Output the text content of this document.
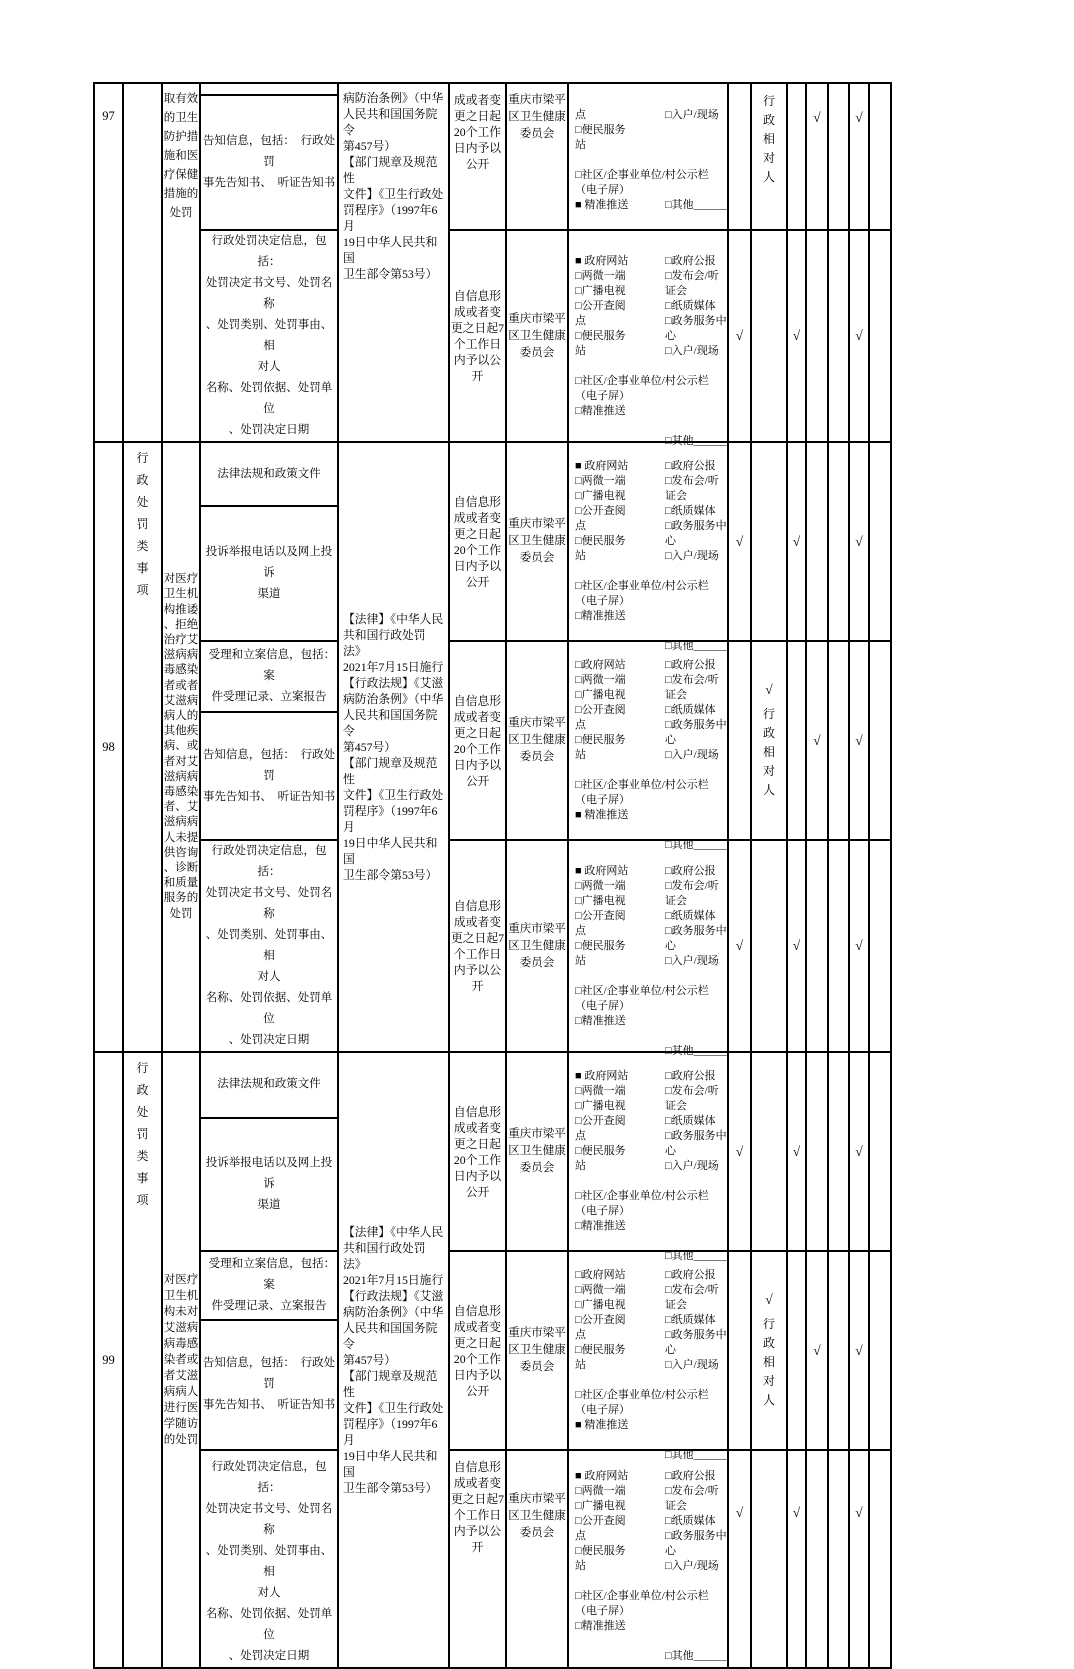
97		取有效
的卫生
防护措
施和医
疗保健
措施的
处罚		病防治条例》（中华
人民共和国国务院令
第457号）
【部门规章及规范性
文件】《卫生行政处
罚程序》（1997年6月
19日中华人民共和国
卫生部令第53号）	成或者变
更之日起
20个工作
日内予以
公开	重庆市梁平
区卫生健康
委员会	

点
□便民服务
站

□社区/企事业单位/村公示栏
（电子屏）
■ 精准推送
□入户/现场

□其他______

行
政
相
对
人
		√		√	
			告知信息，包括：　行政处罚
事先告知书、　听证告知书											
行政处罚决定信息，包括：
处罚决定书文号、处罚名称
、处罚类别、处罚事由、相
对人
名称、处罚依据、处罚单位
、处罚决定日期	自信息形
成或者变
更之日起7
个工作日
内予以公
开	重庆市梁平
区卫生健康
委员会	

■ 政府网站
□两微一端
□广播电视
□公开查阅
点
□便民服务
站

□社区/企事业单位/村公示栏
（电子屏）
□精准推送
□政府公报
□发布会/听证会
□纸质媒体
□政务服务中心
□入户/现场

□其他______

	√		√			√	
98	行
政
处
罚
类
事
项	对医疗
卫生机
构推诿
、拒绝
治疗艾
滋病病
毒感染
者或者
艾滋病
病人的
其他疾
病、或
者对艾
滋病病
毒感染
者、艾
滋病病
人未提
供咨询
、诊断
和质量
服务的
处罚	法律法规和政策文件	【法律】《中华人民
共和国行政处罚法》
2021年7月15日施行
【行政法规】《艾滋
病防治条例》（中华
人民共和国国务院令
第457号）
【部门规章及规范性
文件】《卫生行政处
罚程序》（1997年6月
19日中华人民共和国
卫生部令第53号）	自信息形
成或者变
更之日起
20个工作
日内予以
公开	重庆市梁平
区卫生健康
委员会	

■ 政府网站
□两微一端
□广播电视
□公开查阅
点
□便民服务
站

□社区/企事业单位/村公示栏
（电子屏）
□精准推送
□政府公报
□发布会/听证会
□纸质媒体
□政务服务中心
□入户/现场

□其他______

	√		√			√	
			投诉举报电话以及网上投诉
渠道											
受理和立案信息，包括：　案
件受理记录、立案报告	自信息形
成或者变
更之日起
20个工作
日内予以
公开	重庆市梁平
区卫生健康
委员会	

□政府网站
□两微一端
□广播电视
□公开查阅
点
□便民服务
站

□社区/企事业单位/村公示栏
（电子屏）
■ 精准推送
□政府公报
□发布会/听证会
□纸质媒体
□政务服务中心
□入户/现场

□其他______

√
行
政
相
对
人
		√		√	
			告知信息，包括：　行政处罚
事先告知书、　听证告知书											
行政处罚决定信息，包括：
处罚决定书文号、处罚名称
、处罚类别、处罚事由、相
对人
名称、处罚依据、处罚单位
、处罚决定日期	自信息形
成或者变
更之日起7
个工作日
内予以公
开	重庆市梁平
区卫生健康
委员会	

■ 政府网站
□两微一端
□广播电视
□公开查阅
点
□便民服务
站

□社区/企事业单位/村公示栏
（电子屏）
□精准推送
□政府公报
□发布会/听证会
□纸质媒体
□政务服务中心
□入户/现场

□其他______

	√		√			√	
99	行
政
处
罚
类
事
项	对医疗
卫生机
构未对
艾滋病
病毒感
染者或
者艾滋
病病人
进行医
学随访
的处罚	法律法规和政策文件	【法律】《中华人民
共和国行政处罚法》
2021年7月15日施行
【行政法规】《艾滋
病防治条例》（中华
人民共和国国务院令
第457号）
【部门规章及规范性
文件】《卫生行政处
罚程序》（1997年6月
19日中华人民共和国
卫生部令第53号）	自信息形
成或者变
更之日起
20个工作
日内予以
公开	重庆市梁平
区卫生健康
委员会	

■ 政府网站
□两微一端
□广播电视
□公开查阅
点
□便民服务
站

□社区/企事业单位/村公示栏
（电子屏）
□精准推送
□政府公报
□发布会/听证会
□纸质媒体
□政务服务中心
□入户/现场

□其他______

	√		√			√	
			投诉举报电话以及网上投诉
渠道											
受理和立案信息，包括：　案
件受理记录、立案报告	自信息形
成或者变
更之日起
20个工作
日内予以
公开	重庆市梁平
区卫生健康
委员会	

□政府网站
□两微一端
□广播电视
□公开查阅
点
□便民服务
站

□社区/企事业单位/村公示栏
（电子屏）
■ 精准推送
□政府公报
□发布会/听证会
□纸质媒体
□政务服务中心
□入户/现场

□其他______

√
行
政
相
对
人
		√		√	
			告知信息，包括：　行政处罚
事先告知书、　听证告知书											
行政处罚决定信息，包括：
处罚决定书文号、处罚名称
、处罚类别、处罚事由、相
对人
名称、处罚依据、处罚单位
、处罚决定日期	自信息形
成或者变
更之日起7
个工作日
内予以公
开	重庆市梁平
区卫生健康
委员会	

■ 政府网站
□两微一端
□广播电视
□公开查阅
点
□便民服务
站

□社区/企事业单位/村公示栏
（电子屏）
□精准推送
□政府公报
□发布会/听证会
□纸质媒体
□政务服务中心
□入户/现场

□其他______

	√		√			√	
